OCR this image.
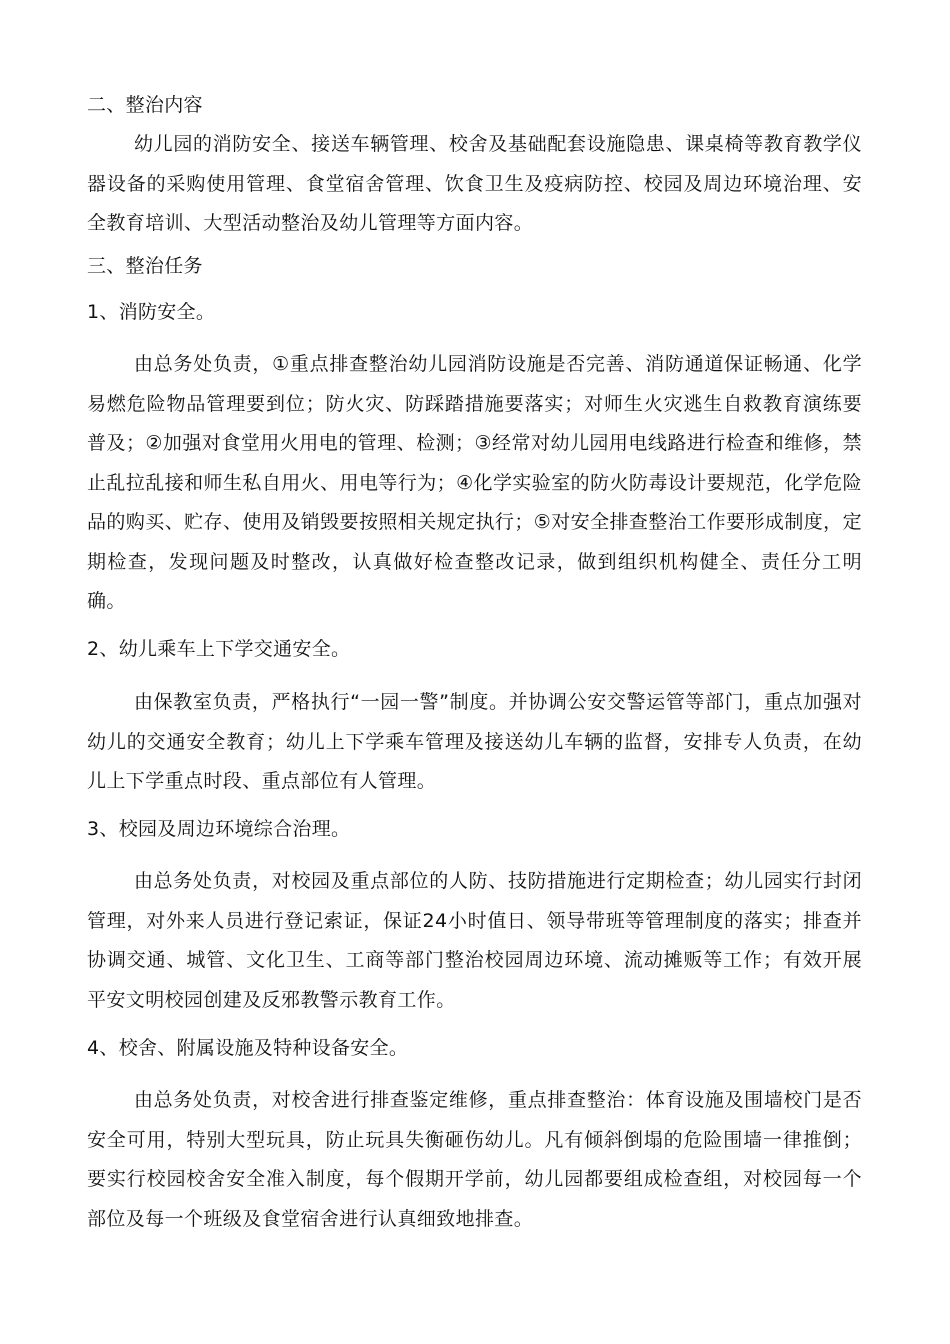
二、整治内容
幼儿园的消防安全、接送车辆管理、校舍及基础配套设施隐患、课桌椅等教育教学仪器设备的采购使用管理、食堂宿舍管理、饮食卫生及疫病防控、校园及周边环境治理、安全教育培训、大型活动整治及幼儿管理等方面内容。
三、整治任务
1、消防安全。
由总务处负责，①重点排查整治幼儿园消防设施是否完善、消防通道保证畅通、化学易燃危险物品管理要到位；防火灾、防踩踏措施要落实；对师生火灾逃生自救教育演练要普及；②加强对食堂用火用电的管理、检测；③经常对幼儿园用电线路进行检查和维修，禁止乱拉乱接和师生私自用火、用电等行为；④化学实验室的防火防毒设计要规范，化学危险品的购买、贮存、使用及销毁要按照相关规定执行；⑤对安全排查整治工作要形成制度，定期检查，发现问题及时整改，认真做好检查整改记录，做到组织机构健全、责任分工明确。
2、幼儿乘车上下学交通安全。
由保教室负责，严格执行“一园一警”制度。并协调公安交警运管等部门，重点加强对幼儿的交通安全教育；幼儿上下学乘车管理及接送幼儿车辆的监督，安排专人负责，在幼儿上下学重点时段、重点部位有人管理。
3、校园及周边环境综合治理。
由总务处负责，对校园及重点部位的人防、技防措施进行定期检查；幼儿园实行封闭管理，对外来人员进行登记索证，保证24小时值日、领导带班等管理制度的落实；排查并协调交通、城管、文化卫生、工商等部门整治校园周边环境、流动摊贩等工作；有效开展平安文明校园创建及反邪教警示教育工作。
4、校舍、附属设施及特种设备安全。
由总务处负责，对校舍进行排查鉴定维修，重点排查整治：体育设施及围墙校门是否安全可用，特别大型玩具，防止玩具失衡砸伤幼儿。凡有倾斜倒塌的危险围墙一律推倒；要实行校园校舍安全准入制度，每个假期开学前，幼儿园都要组成检查组，对校园每一个部位及每一个班级及食堂宿舍进行认真细致地排查。
